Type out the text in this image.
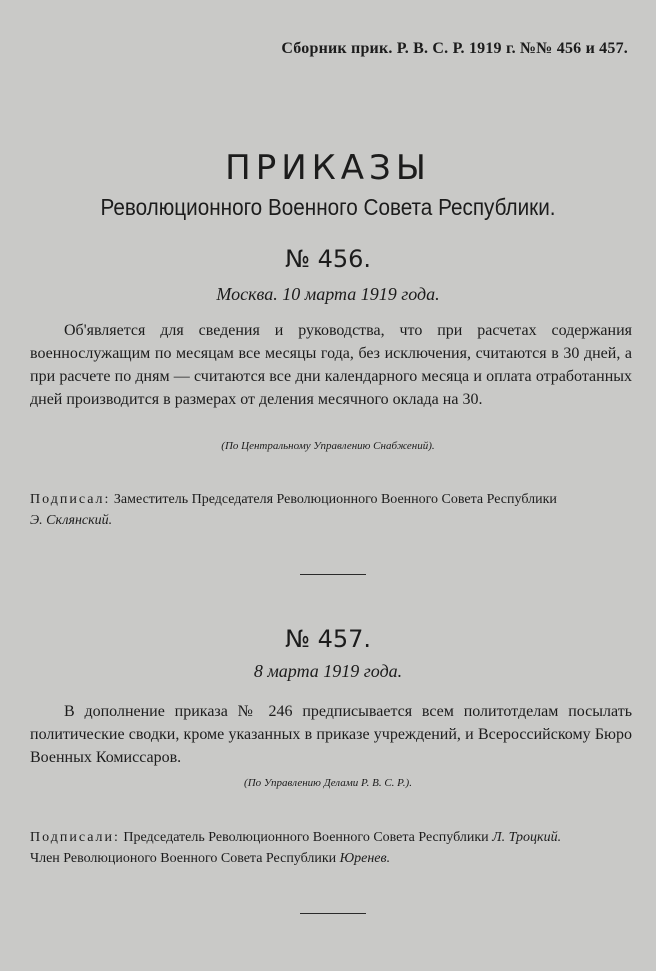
Сборник прик. Р. В. С. Р. 1919 г. №№ 456 и 457.
ПРИКАЗЫ
Революционного Военного Совета Республики.
№ 456.
Москва. 10 марта 1919 года.
Об'является для сведения и руководства, что при расчетах содержания военнослужащим по месяцам все месяцы года, без исключения, считаются в 30 дней, а при расчете по дням — считаются все дни календарного месяца и оплата отработанных дней производится в размерах от деления месячного оклада на 30.
(По Центральному Управлению Снабжений).
Подписал: Заместитель Председателя Революционного Военного Совета Республики
Э. Склянский.
№ 457.
8 марта 1919 года.
В дополнение приказа № 246 предписывается всем политотделам посылать политические сводки, кроме указанных в приказе учреждений, и Всероссийскому Бюро Военных Комиссаров.
(По Управлению Делами Р. В. С. Р.).
Подписали: Председатель Революционного Военного Совета Республики Л. Троцкий.
Член Революционого Военного Совета Республики Юренев.
